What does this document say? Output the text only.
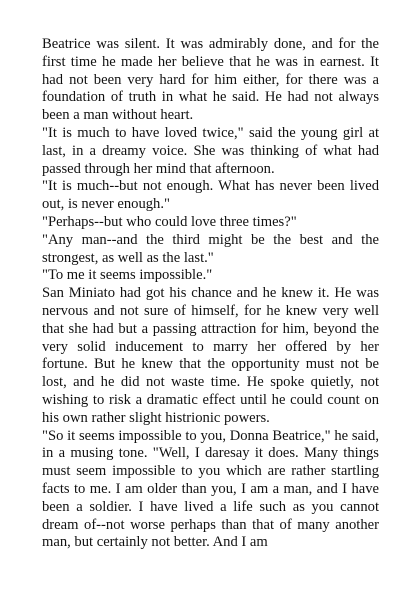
Beatrice was silent. It was admirably done, and for the first time he made her believe that he was in earnest. It had not been very hard for him either, for there was a foundation of truth in what he said. He had not always been a man without heart.

"It is much to have loved twice," said the young girl at last, in a dreamy voice. She was thinking of what had passed through her mind that afternoon.

"It is much--but not enough. What has never been lived out, is never enough."

"Perhaps--but who could love three times?"

"Any man--and the third might be the best and the strongest, as well as the last."

"To me it seems impossible."

San Miniato had got his chance and he knew it. He was nervous and not sure of himself, for he knew very well that she had but a passing attraction for him, beyond the very solid inducement to marry her offered by her fortune. But he knew that the opportunity must not be lost, and he did not waste time. He spoke quietly, not wishing to risk a dramatic effect until he could count on his own rather slight histrionic powers.

"So it seems impossible to you, Donna Beatrice," he said, in a musing tone. "Well, I daresay it does. Many things must seem impossible to you which are rather startling facts to me. I am older than you, I am a man, and I have been a soldier. I have lived a life such as you cannot dream of--not worse perhaps than that of many another man, but certainly not better. And I am
